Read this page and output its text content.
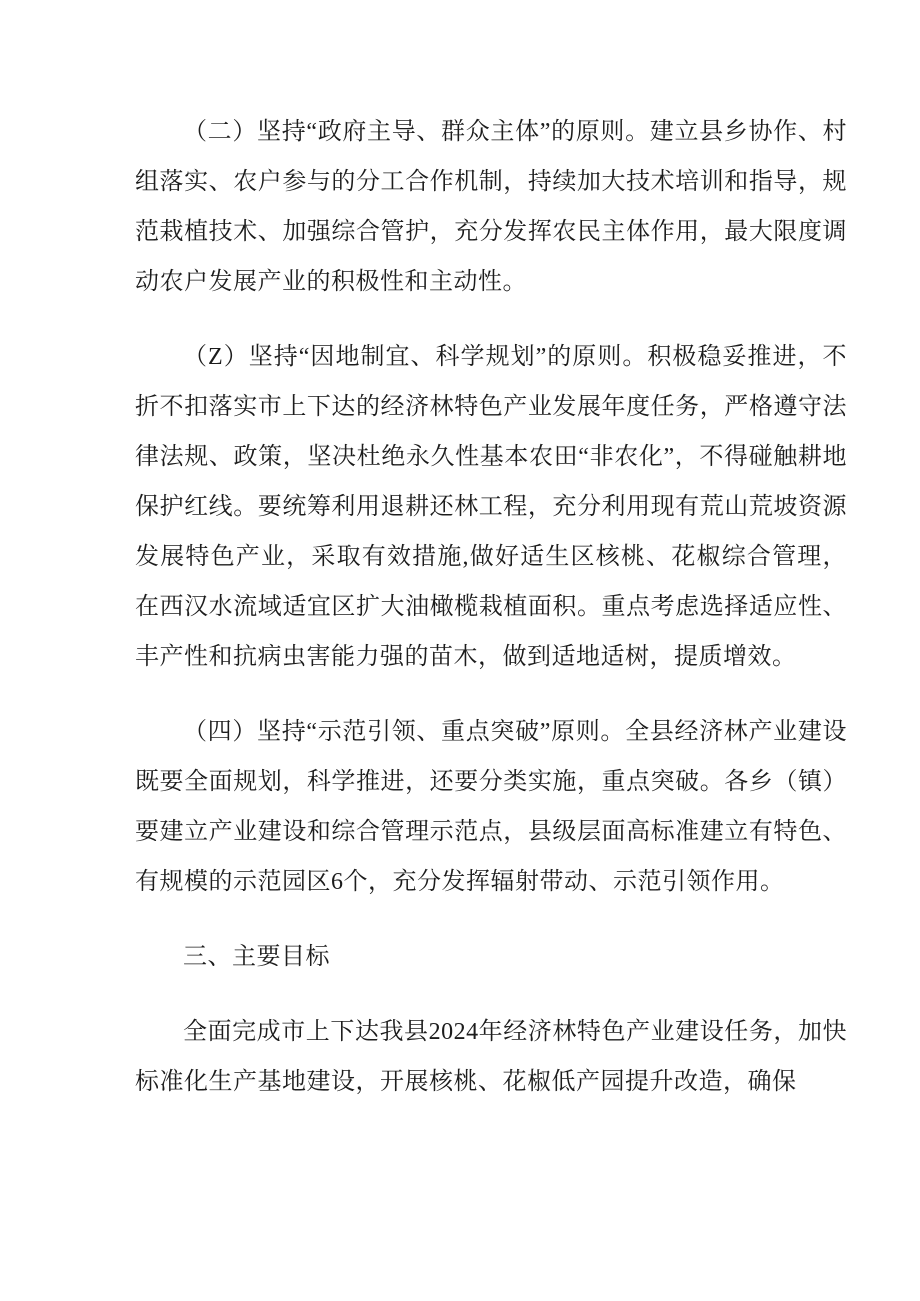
（二）坚持“政府主导、群众主体”的原则。建立县乡协作、村组落实、农户参与的分工合作机制，持续加大技术培训和指导，规范栽植技术、加强综合管护，充分发挥农民主体作用，最大限度调动农户发展产业的积极性和主动性。

（Z）坚持“因地制宜、科学规划”的原则。积极稳妥推进，不折不扣落实市上下达的经济林特色产业发展年度任务，严格遵守法律法规、政策，坚决杜绝永久性基本农田“非农化”，不得碰触耕地保护红线。要统筹利用退耕还林工程，充分利用现有荒山荒坡资源发展特色产业，采取有效措施,做好适生区核桃、花椒综合管理，在西汉水流域适宜区扩大油橄榄栽植面积。重点考虑选择适应性、丰产性和抗病虫害能力强的苗木，做到适地适树，提质增效。

（四）坚持“示范引领、重点突破”原则。全县经济林产业建设既要全面规划，科学推进，还要分类实施，重点突破。各乡（镇）要建立产业建设和综合管理示范点，县级层面高标准建立有特色、有规模的示范园区6个，充分发挥辐射带动、示范引领作用。

三、主要目标

全面完成市上下达我县2024年经济林特色产业建设任务，加快标准化生产基地建设，开展核桃、花椒低产园提升改造，确保
